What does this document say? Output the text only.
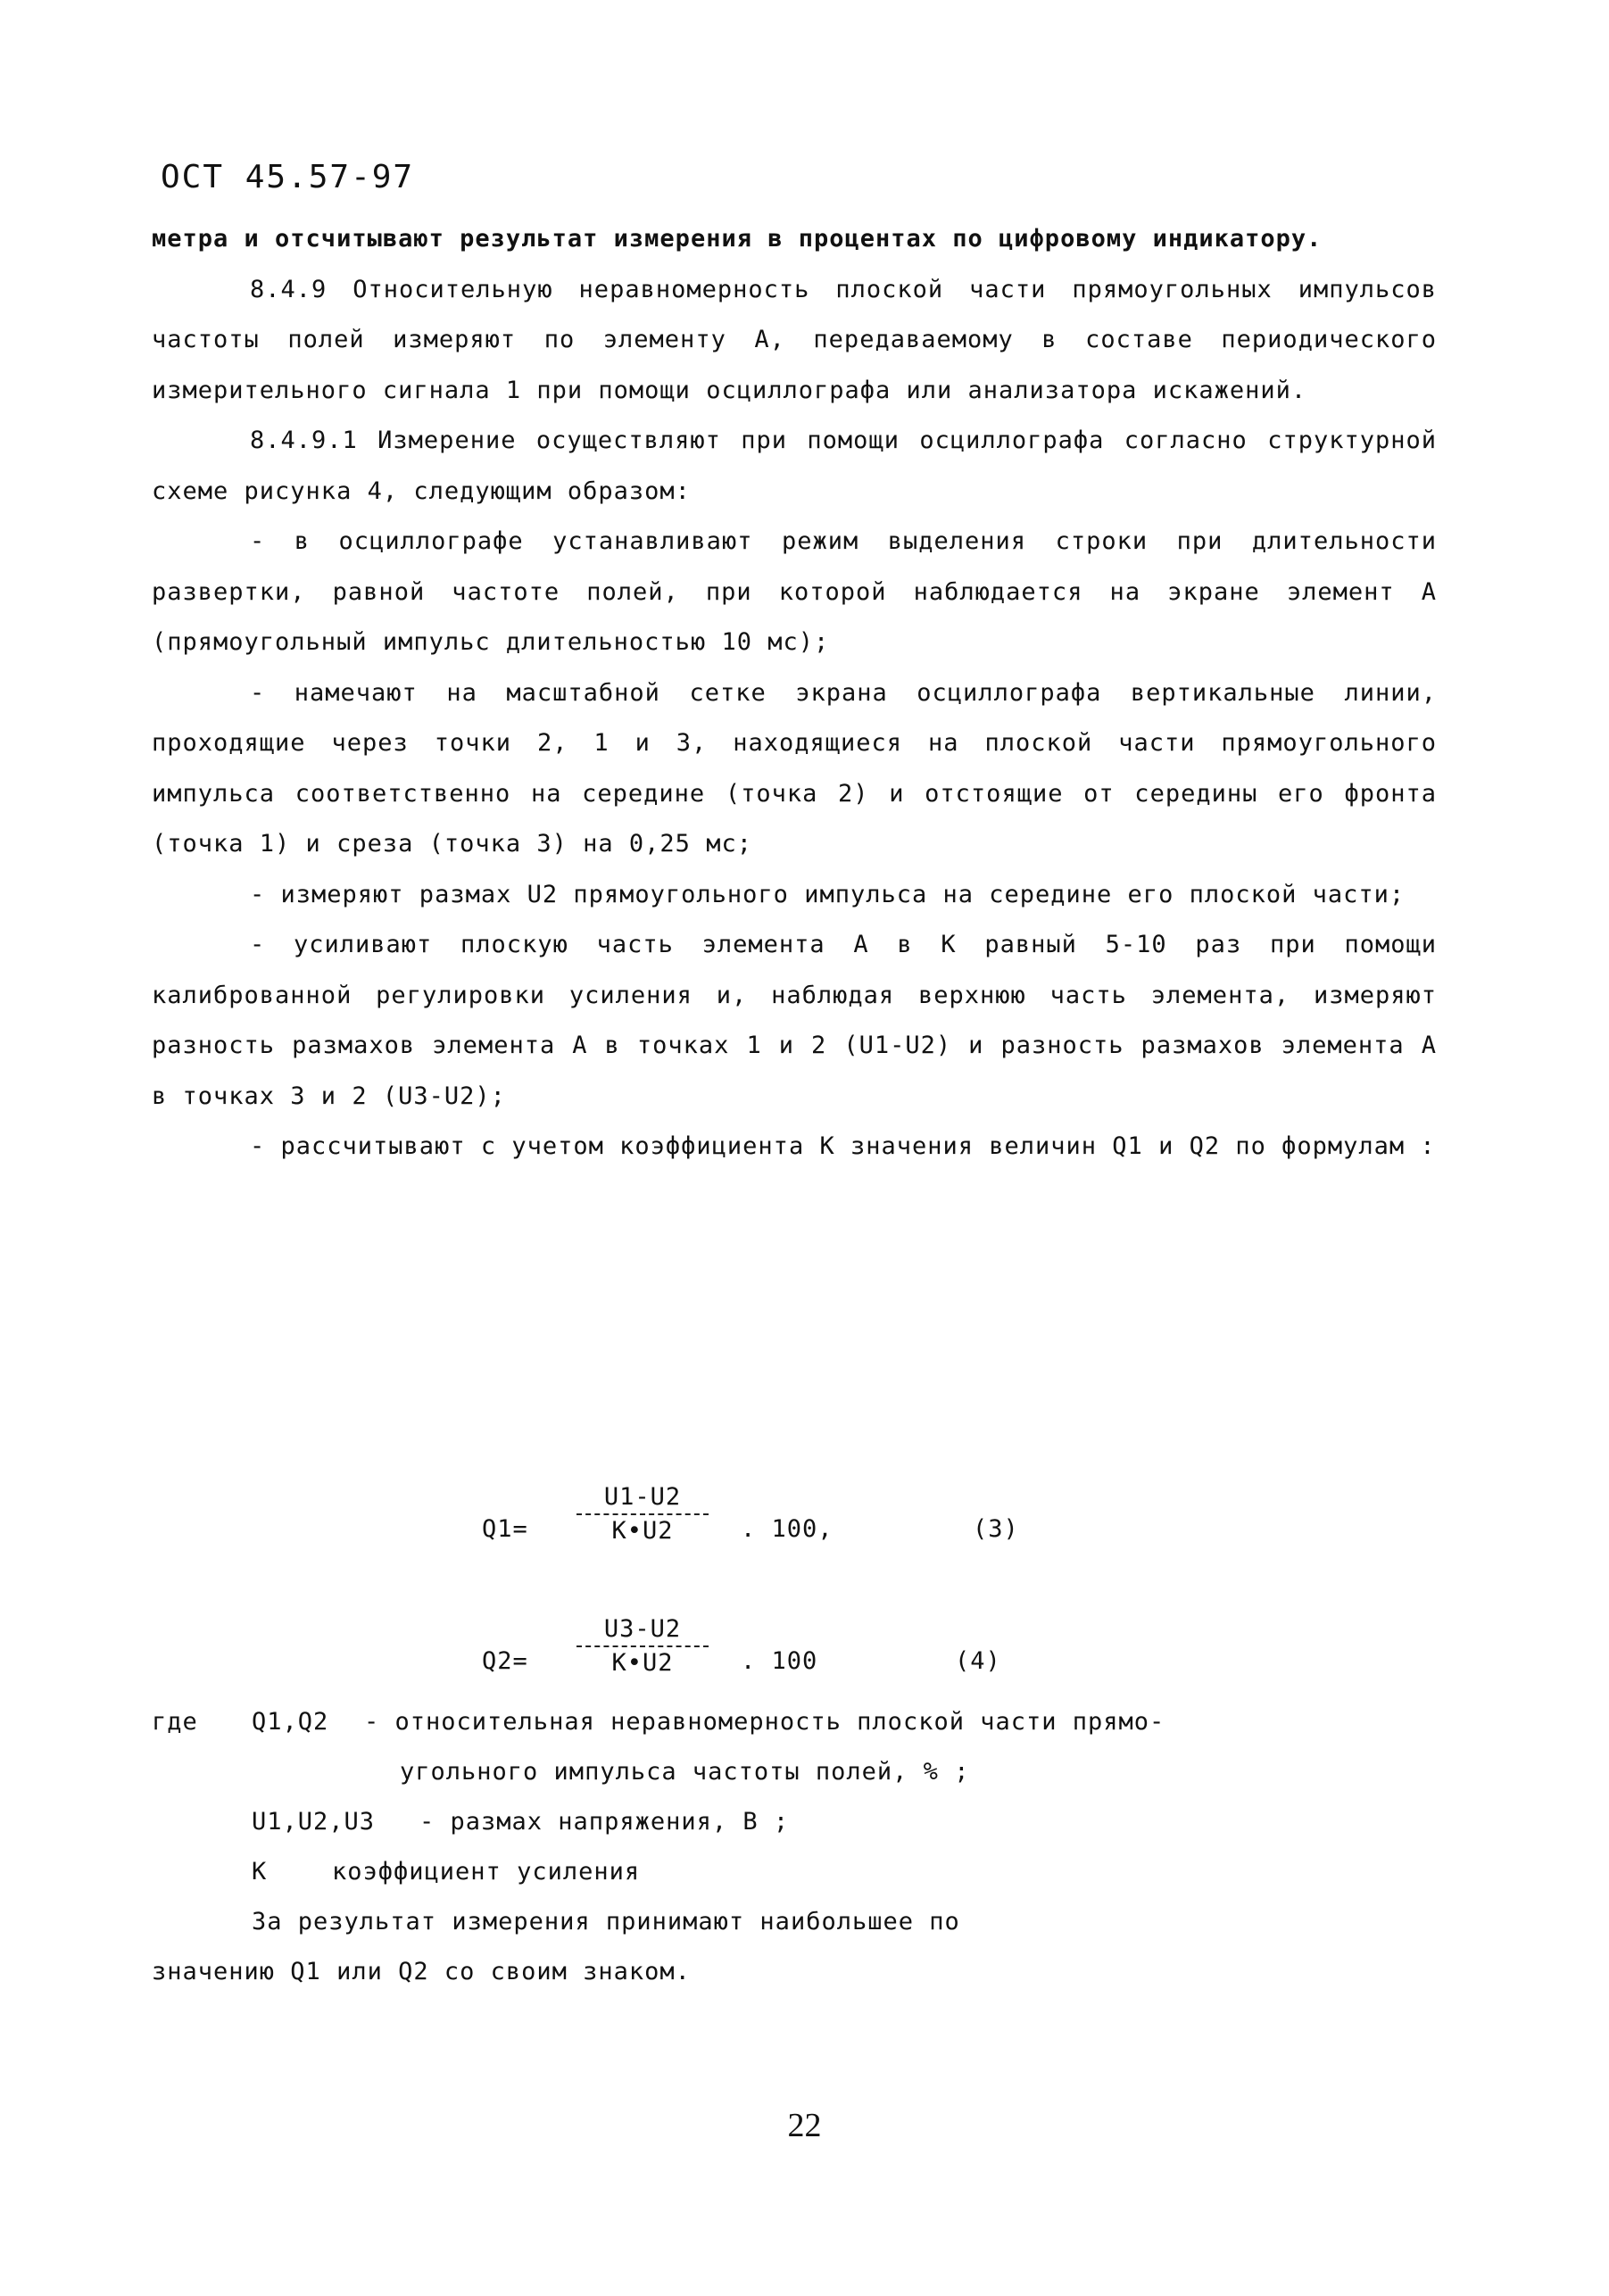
ОСТ 45.57-97

метра и отсчитывают результат измерения в процентах по цифровому индикатору.

8.4.9 Относительную неравномерность плоской части прямоугольных импульсов частоты полей измеряют по элементу А, передаваемому в составе периодического измерительного сигнала 1 при помощи осциллографа или анализатора искажений.

8.4.9.1 Измерение осуществляют при помощи осциллографа согласно структурной схеме рисунка 4, следующим образом:

- в осциллографе устанавливают режим выделения строки при длительности развертки, равной частоте полей, при которой наблюдается на экране элемент А (прямоугольный импульс длительностью 10 мс);

- намечают на масштабной сетке экрана осциллографа вертикальные линии, проходящие через точки 2, 1 и 3, находящиеся на плоской части прямоугольного импульса соответственно на середине (точка 2) и отстоящие от середины его фронта (точка 1) и среза (точка 3) на 0,25 мс;

- измеряют размах U2 прямоугольного импульса на середине его плоской части;

- усиливают плоскую часть элемента А в К равный 5-10 раз при помощи калиброванной регулировки усиления и, наблюдая верхнюю часть элемента, измеряют разность размахов элемента А в точках 1 и 2 (U1-U2) и разность размахов элемента А в точках 3 и 2 (U3-U2);

- рассчитывают с учетом коэффициента К значения величин Q1 и Q2 по формулам :

Q1=
U1-U2
K•U2	. 100,	(3)
Q2=
U3-U2
K•U2	. 100	(4)
где Q1,Q2 - относительная неравномерность плоской части прямо-
угольного импульса частоты полей, % ;
U1,U2,U3 - размах напряжения, В ;
К	коэффициент усиления
За результат измерения принимают наибольшее по
значению Q1 или Q2 со своим знаком.
22
